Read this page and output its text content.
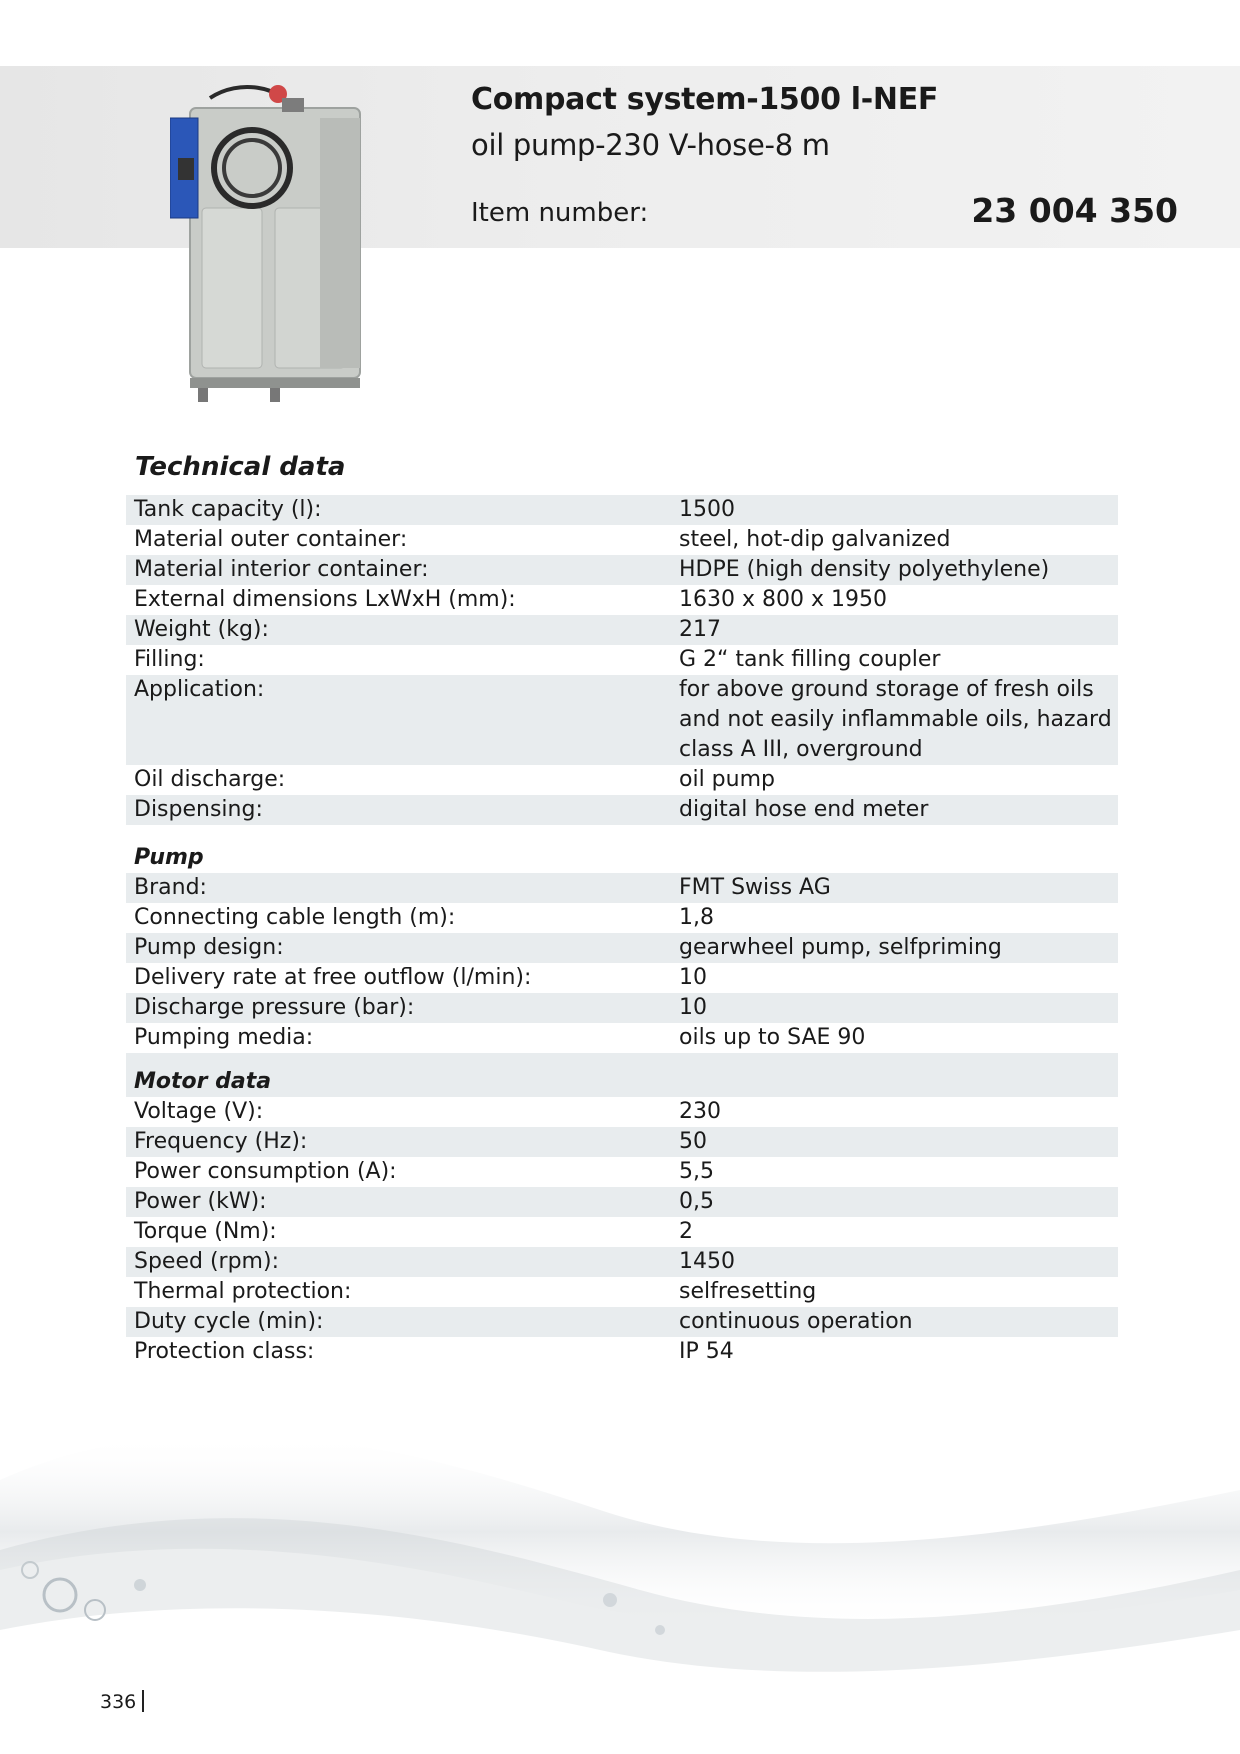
Compact system-1500 l-NEF
oil pump-230 V-hose-8 m
Item number:	23 004 350
Technical data
Tank capacity (l):	1500
Material outer container:	steel, hot-dip galvanized
Material interior container:	HDPE (high density polyethylene)
External dimensions LxWxH (mm):	1630 x 800 x 1950
Weight (kg):	217
Filling:	G 2“ tank filling coupler
Application:	for above ground storage of fresh oils
and not easily inflammable oils, hazard
class A III, overground
Oil discharge:	oil pump
Dispensing:	digital hose end meter
Pump
Brand:	FMT Swiss AG
Connecting cable length (m):	1,8
Pump design:	gearwheel pump, selfpriming
Delivery rate at free outflow (l/min):	10
Discharge pressure (bar):	10
Pumping media:	oils up to SAE 90
Motor data
Voltage (V):	230
Frequency (Hz):	50
Power consumption (A):	5,5
Power (kW):	0,5
Torque (Nm):	2
Speed (rpm):	1450
Thermal protection:	selfresetting
Duty cycle (min):	continuous operation
Protection class:	IP 54
336
